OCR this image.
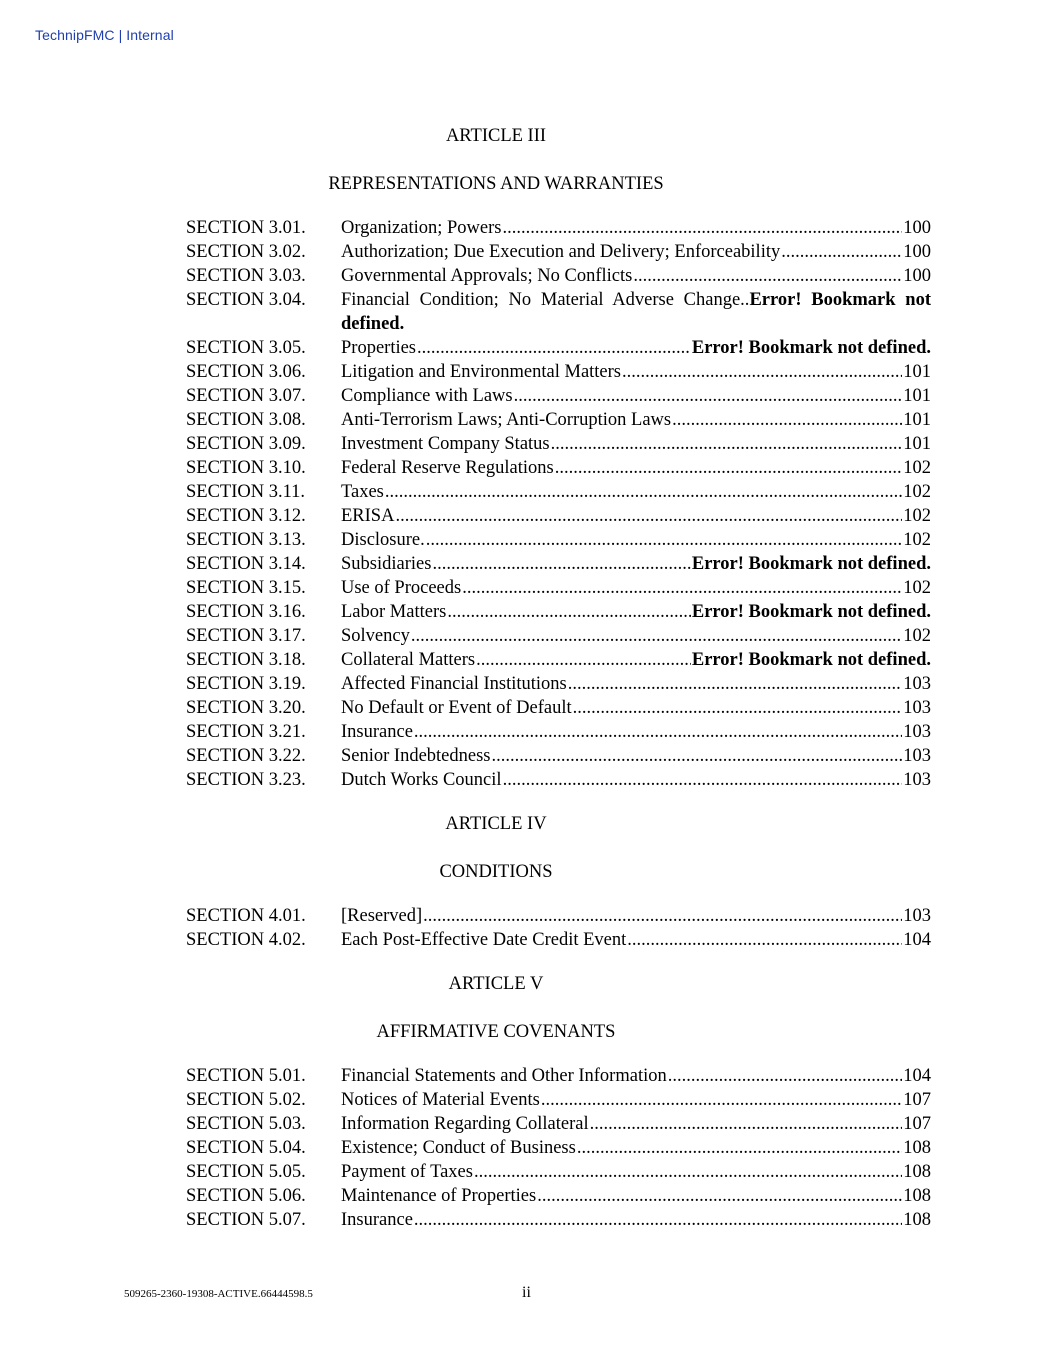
TechnipFMC | Internal
ARTICLE III
REPRESENTATIONS AND WARRANTIES
SECTION 3.01.	Organization; Powers .....	100
SECTION 3.02.	Authorization; Due Execution and Delivery; Enforceability .....	100
SECTION 3.03.	Governmental Approvals; No Conflicts .....	100
SECTION 3.04.	Financial Condition; No Material Adverse Change..Error! Bookmark not defined.
SECTION 3.05.	Properties .....	Error! Bookmark not defined.
SECTION 3.06.	Litigation and Environmental Matters .....	101
SECTION 3.07.	Compliance with Laws .....	101
SECTION 3.08.	Anti-Terrorism Laws; Anti-Corruption Laws .....	101
SECTION 3.09.	Investment Company Status .....	101
SECTION 3.10.	Federal Reserve Regulations .....	102
SECTION 3.11.	Taxes .....	102
SECTION 3.12.	ERISA .....	102
SECTION 3.13.	Disclosure. .....	102
SECTION 3.14.	Subsidiaries .....	Error! Bookmark not defined.
SECTION 3.15.	Use of Proceeds .....	102
SECTION 3.16.	Labor Matters .....	Error! Bookmark not defined.
SECTION 3.17.	Solvency .....	102
SECTION 3.18.	Collateral Matters .....	Error! Bookmark not defined.
SECTION 3.19.	Affected Financial Institutions .....	103
SECTION 3.20.	No Default or Event of Default .....	103
SECTION 3.21.	Insurance .....	103
SECTION 3.22.	Senior Indebtedness .....	103
SECTION 3.23.	Dutch Works Council .....	103
ARTICLE IV
CONDITIONS
SECTION 4.01.	[Reserved] .....	103
SECTION 4.02.	Each Post-Effective Date Credit Event .....	104
ARTICLE V
AFFIRMATIVE COVENANTS
SECTION 5.01.	Financial Statements and Other Information .....	104
SECTION 5.02.	Notices of Material Events .....	107
SECTION 5.03.	Information Regarding Collateral .....	107
SECTION 5.04.	Existence; Conduct of Business .....	108
SECTION 5.05.	Payment of Taxes .....	108
SECTION 5.06.	Maintenance of Properties .....	108
SECTION 5.07.	Insurance .....	108
509265-2360-19308-ACTIVE.66444598.5	ii
